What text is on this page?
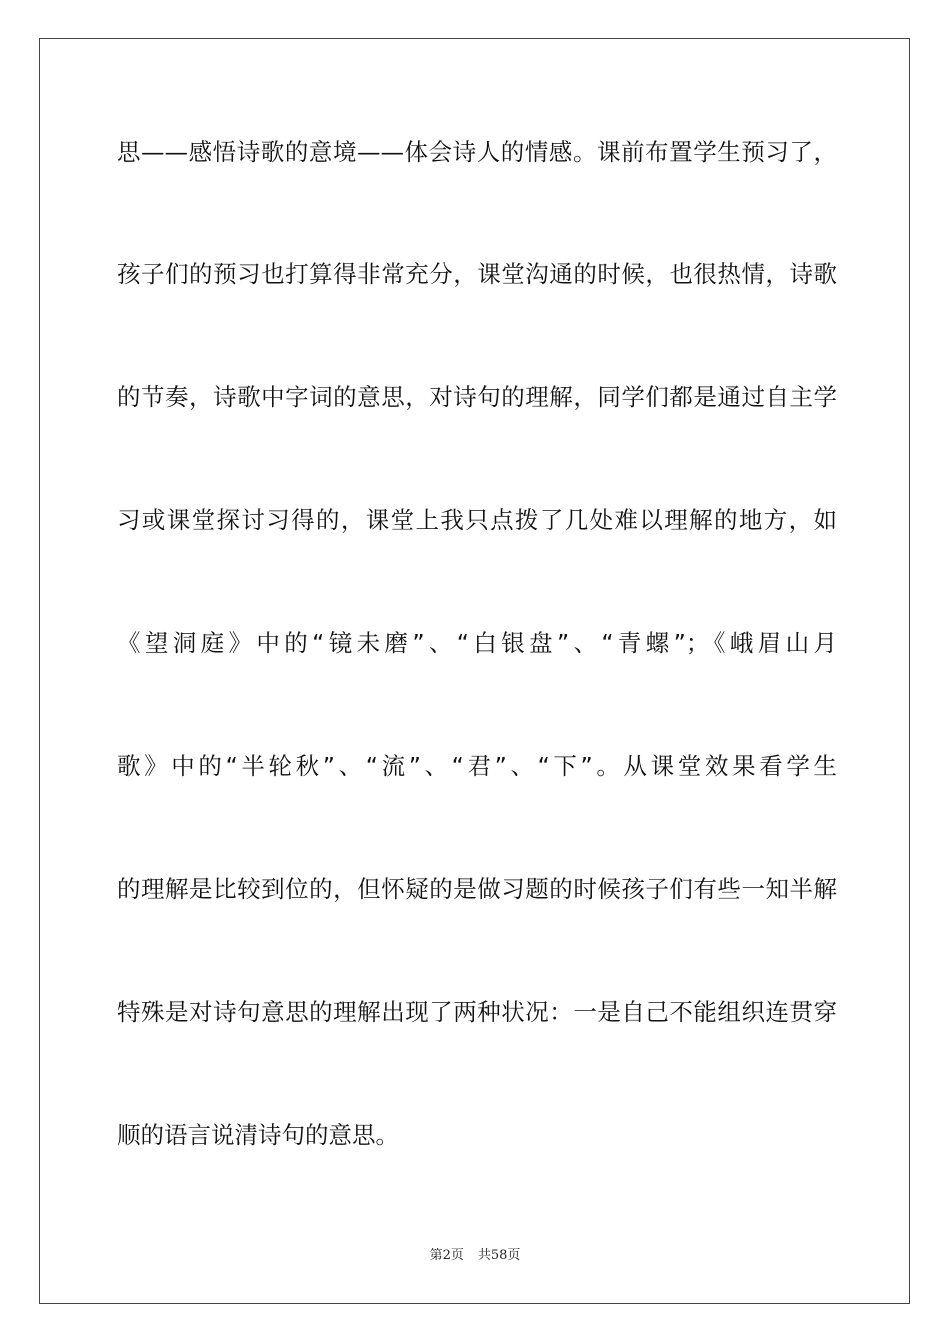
思——感悟诗歌的意境——体会诗人的情感。课前布置学生预习了，
孩子们的预习也打算得非常充分，课堂沟通的时候，也很热情，诗歌
的节奏，诗歌中字词的意思，对诗句的理解，同学们都是通过自主学
习或课堂探讨习得的，课堂上我只点拨了几处难以理解的地方，如
《望洞庭》中的“镜未磨”、“白银盘”、“青螺”；《峨眉山月
歌》中的“半轮秋”、“流”、“君”、“下”。从课堂效果看学生
的理解是比较到位的，但怀疑的是做习题的时候孩子们有些一知半解
特殊是对诗句意思的理解出现了两种状况：一是自己不能组织连贯穿
顺的语言说清诗句的意思。
第2页 共58页
